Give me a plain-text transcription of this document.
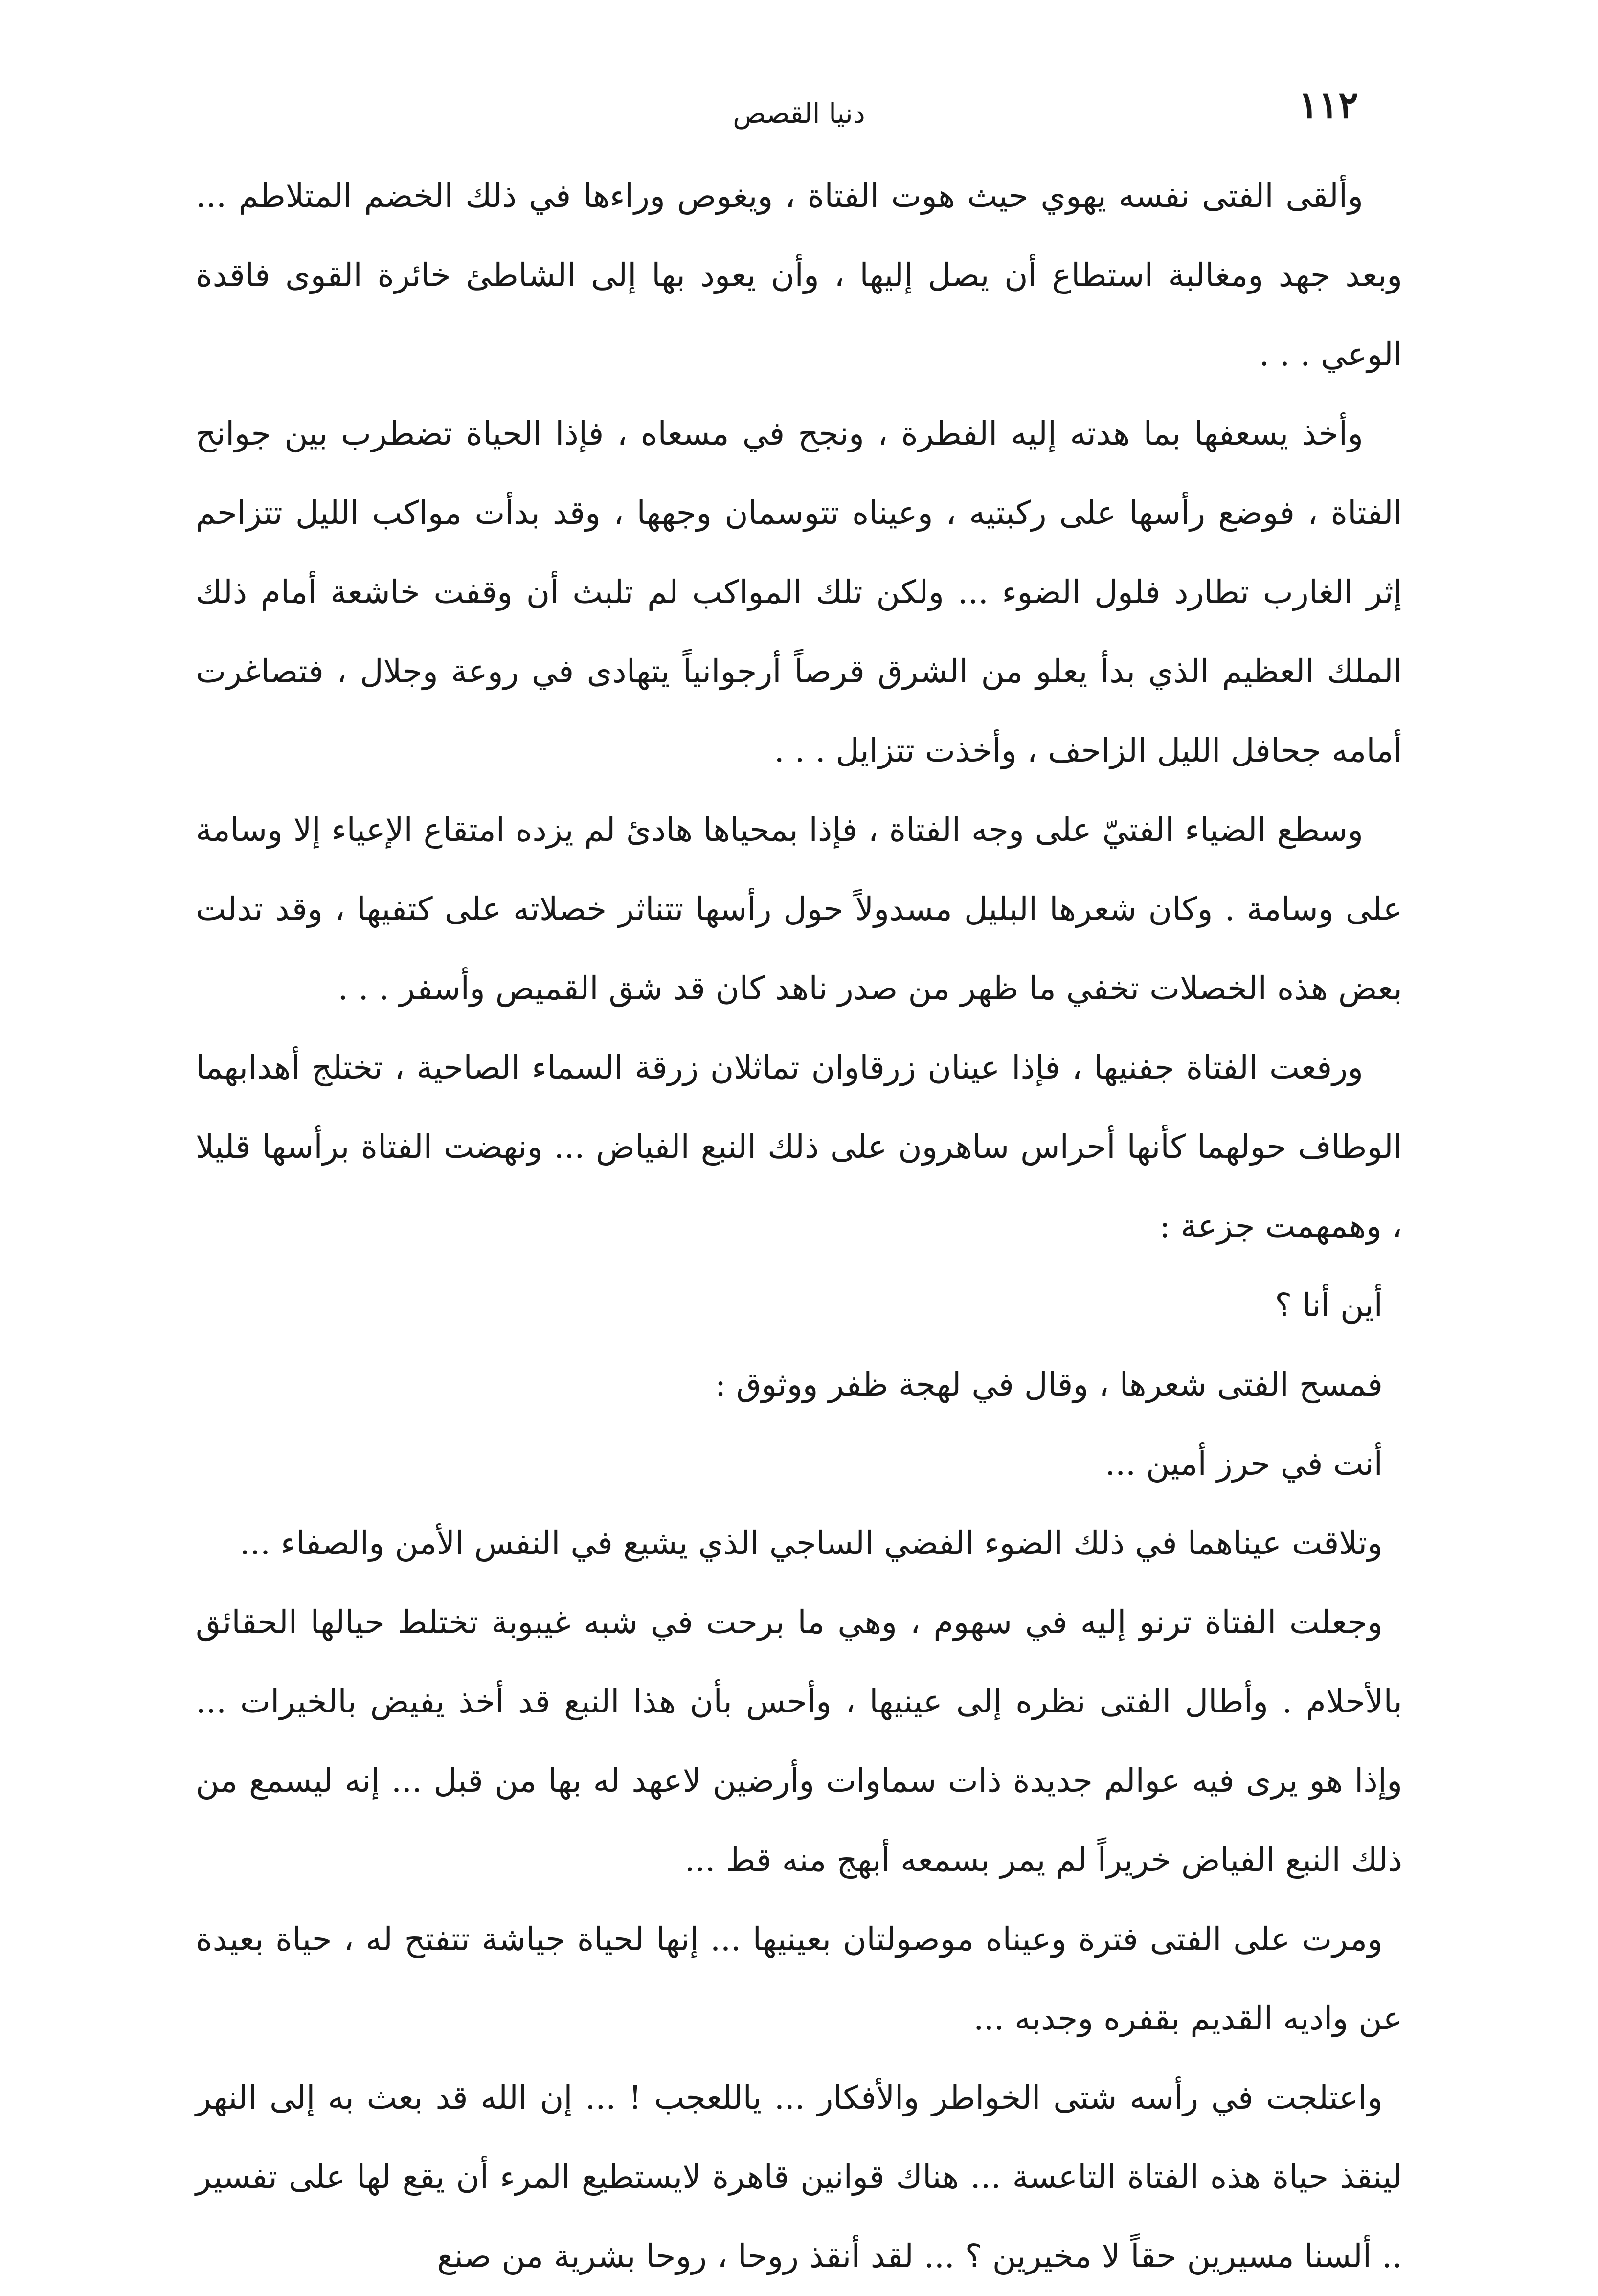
١١٢
دنيا القصص

وألقى الفتى نفسه يهوي حيث هوت الفتاة ، ويغوص وراءها في ذلك الخضم المتلاطم ... وبعد جهد ومغالبة استطاع أن يصل إليها ، وأن يعود بها إلى الشاطئ خائرة القوى فاقدة الوعي . . .

وأخذ يسعفها بما هدته إليه الفطرة ، ونجح في مسعاه ، فإذا الحياة تضطرب بين جوانح الفتاة ، فوضع رأسها على ركبتيه ، وعيناه تتوسمان وجهها ، وقد بدأت مواكب الليل تتزاحم إثر الغارب تطارد فلول الضوء ... ولكن تلك المواكب لم تلبث أن وقفت خاشعة أمام ذلك الملك العظيم الذي بدأ يعلو من الشرق قرصاً أرجوانياً يتهادى في روعة وجلال ، فتصاغرت أمامه جحافل الليل الزاحف ، وأخذت تتزايل . . .

وسطع الضياء الفتيّ على وجه الفتاة ، فإذا بمحياها هادئ لم يزده امتقاع الإعياء إلا وسامة على وسامة . وكان شعرها البليل مسدولاً حول رأسها تتناثر خصلاته على كتفيها ، وقد تدلت بعض هذه الخصلات تخفي ما ظهر من صدر ناهد كان قد شق القميص وأسفر . . .

ورفعت الفتاة جفنيها ، فإذا عينان زرقاوان تماثلان زرقة السماء الصاحية ، تختلج أهدابهما الوطاف حولهما كأنها أحراس ساهرون على ذلك النبع الفياض ... ونهضت الفتاة برأسها قليلا ، وهمهمت جزعة :

أين أنا ؟

فمسح الفتى شعرها ، وقال في لهجة ظفر ووثوق :

أنت في حرز أمين ...

وتلاقت عيناهما في ذلك الضوء الفضي الساجي الذي يشيع في النفس الأمن والصفاء ...

وجعلت الفتاة ترنو إليه في سهوم ، وهي ما برحت في شبه غيبوبة تختلط حيالها الحقائق بالأحلام . وأطال الفتى نظره إلى عينيها ، وأحس بأن هذا النبع قد أخذ يفيض بالخيرات ... وإذا هو يرى فيه عوالم جديدة ذات سماوات وأرضين لاعهد له بها من قبل ... إنه ليسمع من ذلك النبع الفياض خريراً لم يمر بسمعه أبهج منه قط ...

ومرت على الفتى فترة وعيناه موصولتان بعينيها ... إنها لحياة جياشة تتفتح له ، حياة بعيدة عن واديه القديم بقفره وجدبه ...

واعتلجت في رأسه شتى الخواطر والأفكار ... ياللعجب ! ... إن الله قد بعث به إلى النهر لينقذ حياة هذه الفتاة التاعسة ... هناك قوانين قاهرة لايستطيع المرء أن يقع لها على تفسير .. ألسنا مسيرين حقاً لا مخيرين ؟ ... لقد أنقذ روحا ، روحا بشرية من صنع
